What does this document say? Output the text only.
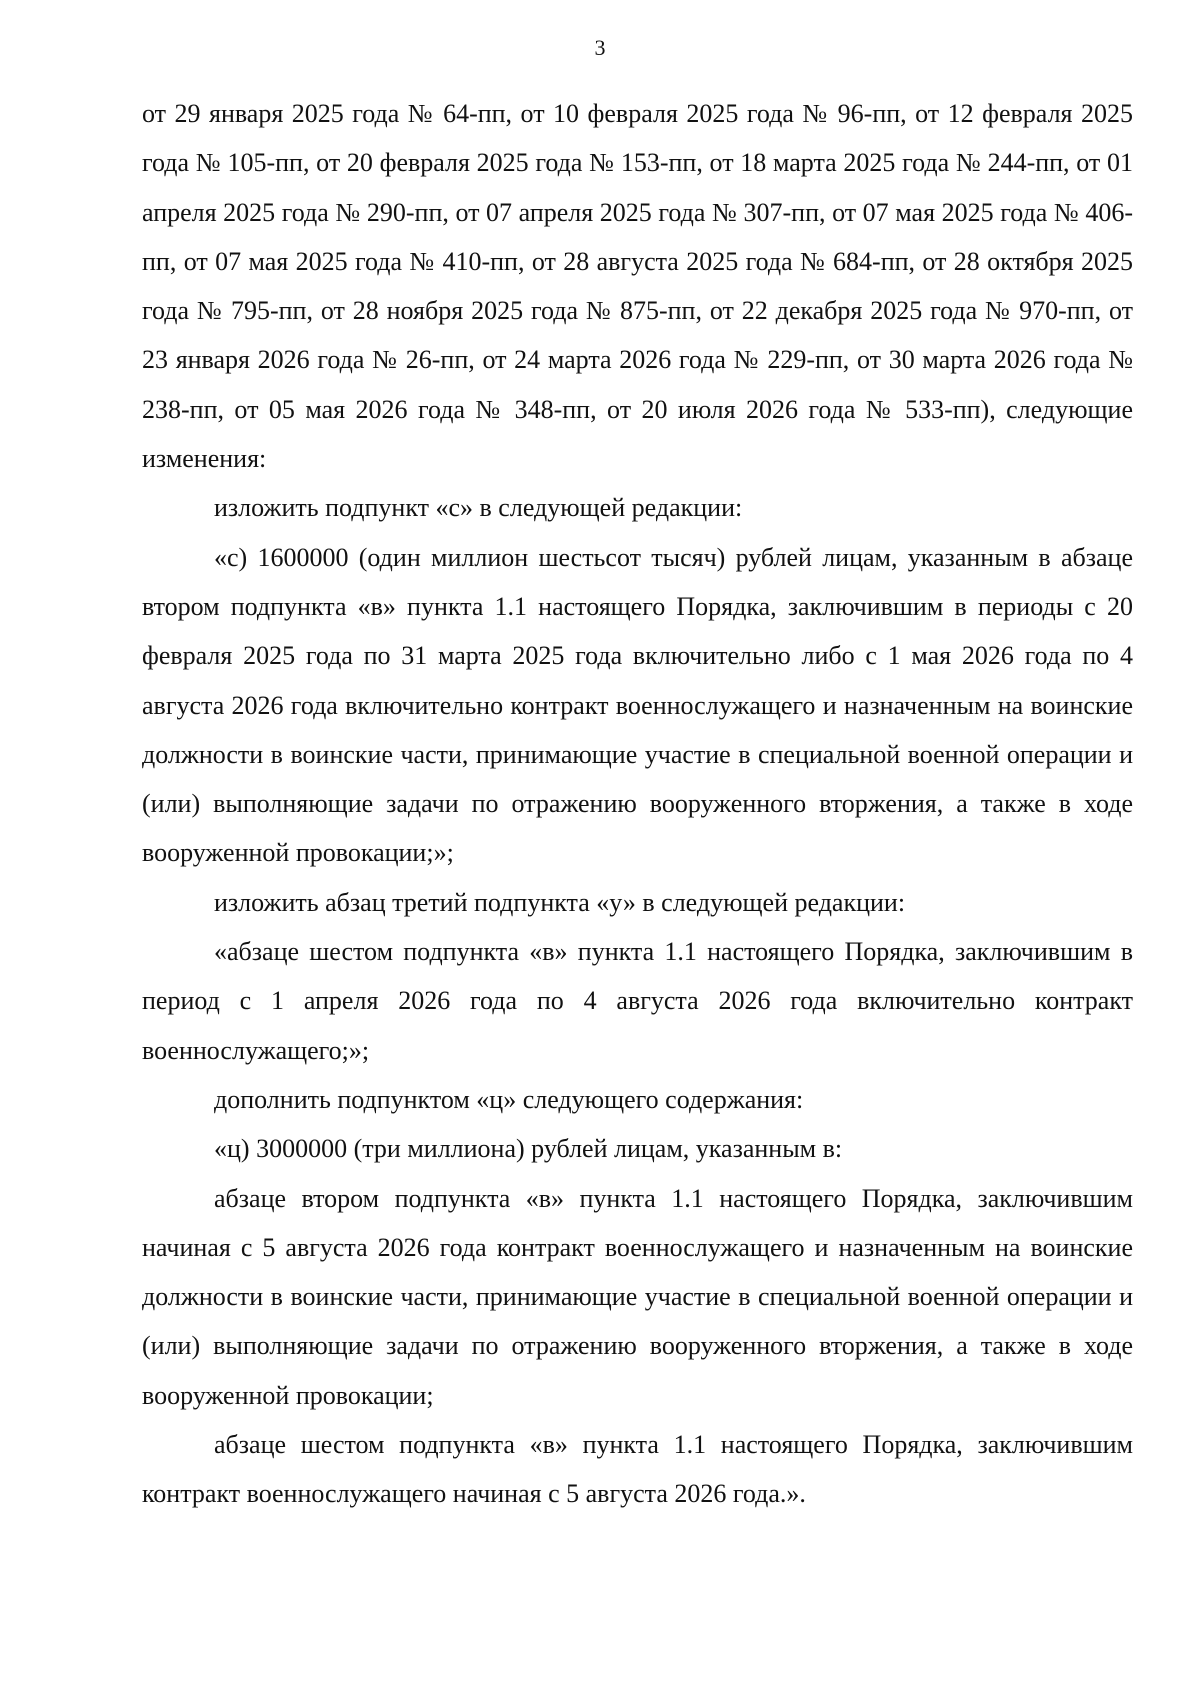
3

от 29 января 2025 года № 64-пп, от 10 февраля 2025 года № 96-пп, от 12 февраля 2025 года № 105-пп, от 20 февраля 2025 года № 153-пп, от 18 марта 2025 года № 244-пп, от 01 апреля 2025 года № 290-пп, от 07 апреля 2025 года № 307-пп, от 07 мая 2025 года № 406-пп, от 07 мая 2025 года № 410-пп, от 28 августа 2025 года № 684-пп, от 28 октября 2025 года № 795-пп, от 28 ноября 2025 года № 875-пп, от 22 декабря 2025 года № 970-пп, от 23 января 2026 года № 26-пп, от 24 марта 2026 года № 229-пп, от 30 марта 2026 года № 238-пп, от 05 мая 2026 года № 348-пп, от 20 июля 2026 года № 533-пп), следующие изменения:

изложить подпункт «с» в следующей редакции:

«с) 1600000 (один миллион шестьсот тысяч) рублей лицам, указанным в абзаце втором подпункта «в» пункта 1.1 настоящего Порядка, заключившим в периоды с 20 февраля 2025 года по 31 марта 2025 года включительно либо с 1 мая 2026 года по 4 августа 2026 года включительно контракт военнослужащего и назначенным на воинские должности в воинские части, принимающие участие в специальной военной операции и (или) выполняющие задачи по отражению вооруженного вторжения, а также в ходе вооруженной провокации;»;

изложить абзац третий подпункта «у» в следующей редакции:

«абзаце шестом подпункта «в» пункта 1.1 настоящего Порядка, заключившим в период с 1 апреля 2026 года по 4 августа 2026 года включительно контракт военнослужащего;»;

дополнить подпунктом «ц» следующего содержания:

«ц) 3000000 (три миллиона) рублей лицам, указанным в:

абзаце втором подпункта «в» пункта 1.1 настоящего Порядка, заключившим начиная с 5 августа 2026 года контракт военнослужащего и назначенным на воинские должности в воинские части, принимающие участие в специальной военной операции и (или) выполняющие задачи по отражению вооруженного вторжения, а также в ходе вооруженной провокации;

абзаце шестом подпункта «в» пункта 1.1 настоящего Порядка, заключившим контракт военнослужащего начиная с 5 августа 2026 года.».
